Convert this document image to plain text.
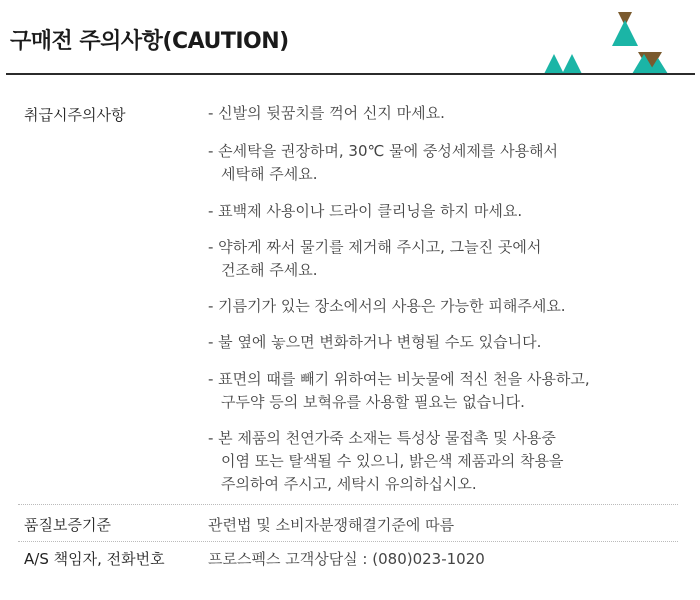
구매전 주의사항(CAUTION)
취급시주의사항	- 신발의 뒷꿈치를 꺽어 신지 마세요.
- 손세탁을 권장하며, 30℃ 물에 중성세제를 사용해서
세탁해 주세요.
- 표백제 사용이나 드라이 클리닝을 하지 마세요.
- 약하게 짜서 물기를 제거해 주시고, 그늘진 곳에서
건조해 주세요.
- 기름기가 있는 장소에서의 사용은 가능한 피해주세요.
- 불 옆에 놓으면 변화하거나 변형될 수도 있습니다.
- 표면의 때를 빼기 위하여는 비눗물에 적신 천을 사용하고,
구두약 등의 보혁유를 사용할 필요는 없습니다.
- 본 제품의 천연가죽 소재는 특성상 물접촉 및 사용중
이염 또는 탈색될 수 있으니, 밝은색 제품과의 착용을
주의하여 주시고, 세탁시 유의하십시오.
품질보증기준	관련법 및 소비자분쟁해결기준에 따름
A/S 책임자, 전화번호	프로스펙스 고객상담실 : (080)023-1020
